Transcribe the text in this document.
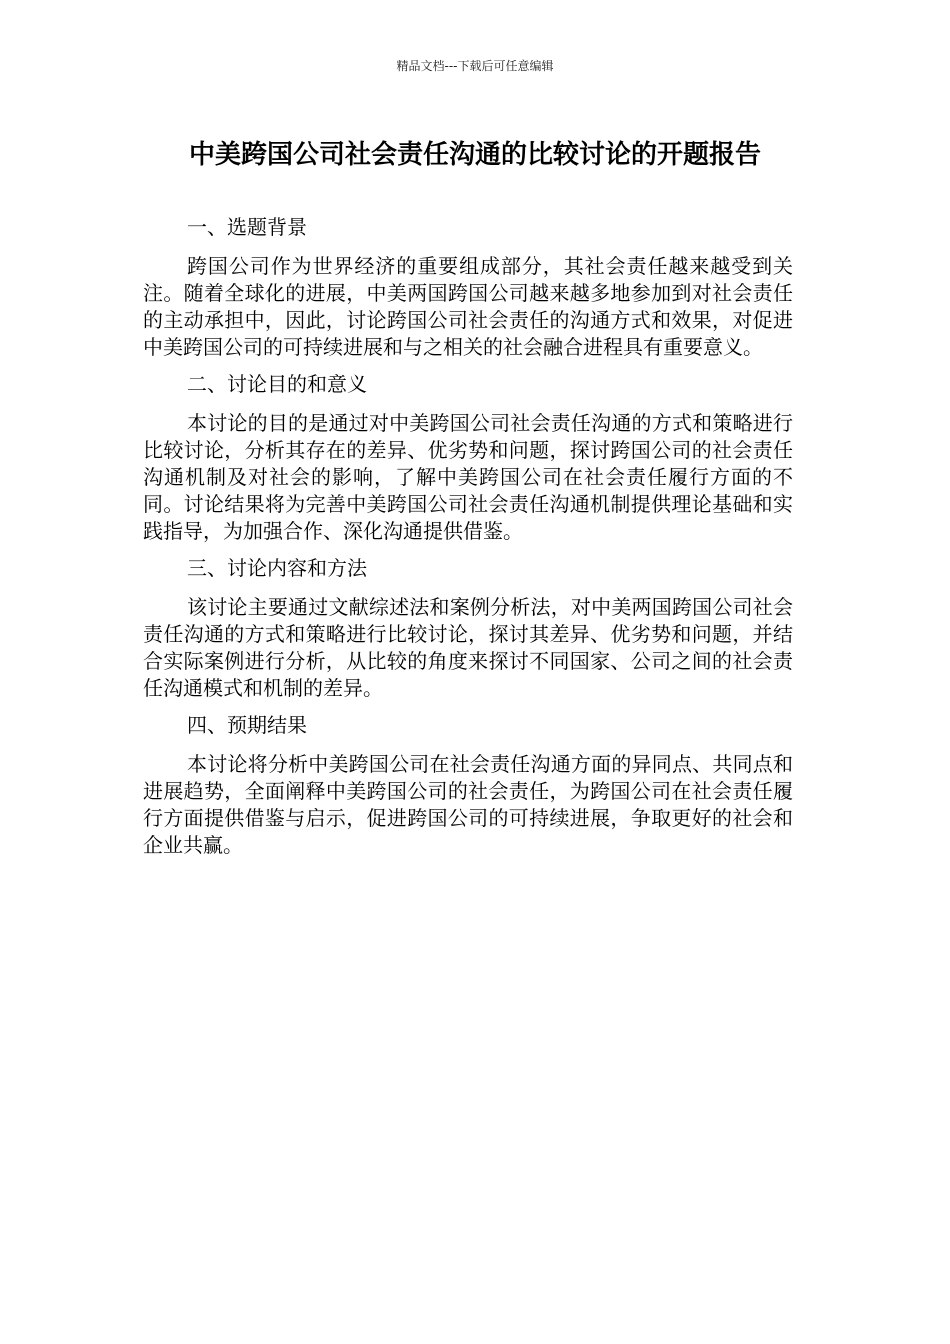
精品文档---下载后可任意编辑
中美跨国公司社会责任沟通的比较讨论的开题报告
一、选题背景

跨国公司作为世界经济的重要组成部分，其社会责任越来越受到关注。随着全球化的进展，中美两国跨国公司越来越多地参加到对社会责任的主动承担中，因此，讨论跨国公司社会责任的沟通方式和效果，对促进中美跨国公司的可持续进展和与之相关的社会融合进程具有重要意义。

二、讨论目的和意义

本讨论的目的是通过对中美跨国公司社会责任沟通的方式和策略进行比较讨论，分析其存在的差异、优劣势和问题，探讨跨国公司的社会责任沟通机制及对社会的影响，了解中美跨国公司在社会责任履行方面的不同。讨论结果将为完善中美跨国公司社会责任沟通机制提供理论基础和实践指导，为加强合作、深化沟通提供借鉴。

三、讨论内容和方法

该讨论主要通过文献综述法和案例分析法，对中美两国跨国公司社会责任沟通的方式和策略进行比较讨论，探讨其差异、优劣势和问题，并结合实际案例进行分析，从比较的角度来探讨不同国家、公司之间的社会责任沟通模式和机制的差异。

四、预期结果

本讨论将分析中美跨国公司在社会责任沟通方面的异同点、共同点和进展趋势，全面阐释中美跨国公司的社会责任，为跨国公司在社会责任履行方面提供借鉴与启示，促进跨国公司的可持续进展，争取更好的社会和企业共赢。
